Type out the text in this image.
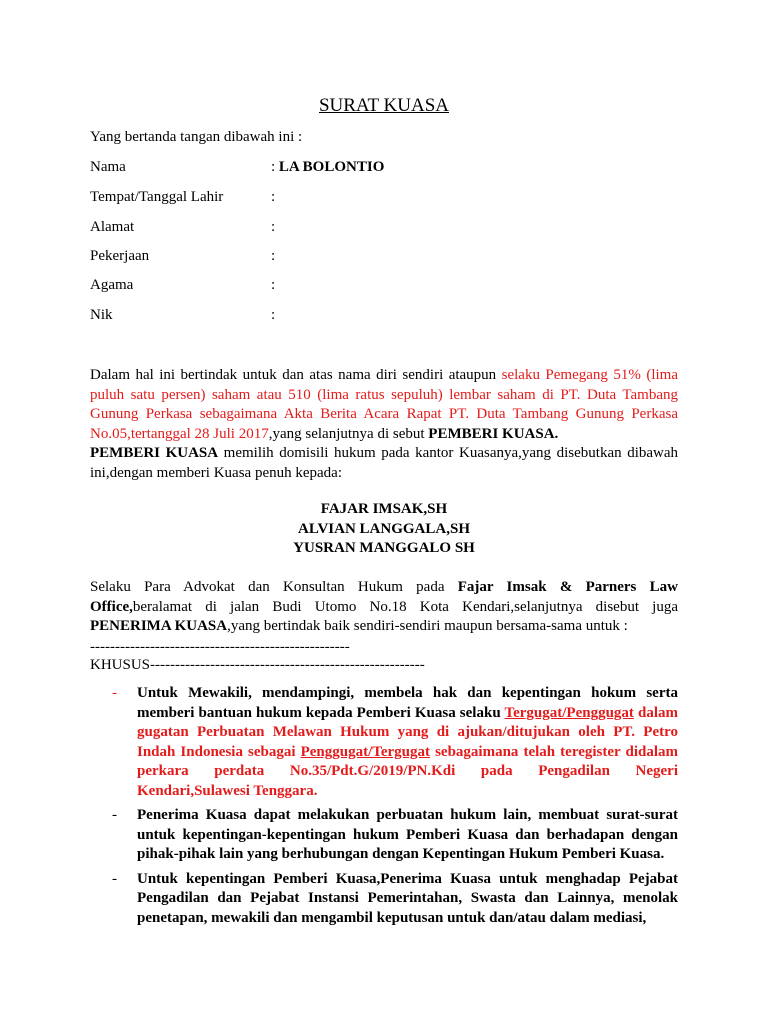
SURAT KUASA
Yang bertanda tangan dibawah ini :
Nama	: LA BOLONTIO
Tempat/Tanggal Lahir	:
Alamat	:
Pekerjaan	:
Agama	:
Nik	:
Dalam hal ini bertindak untuk dan atas nama diri sendiri ataupun selaku Pemegang 51% (lima puluh satu persen) saham atau 510 (lima ratus sepuluh) lembar saham di PT. Duta Tambang Gunung Perkasa sebagaimana Akta Berita Acara Rapat PT. Duta Tambang Gunung Perkasa No.05,tertanggal 28 Juli 2017,yang selanjutnya di sebut PEMBERI KUASA.
PEMBERI KUASA memilih domisili hukum pada kantor Kuasanya,yang disebutkan dibawah ini,dengan memberi Kuasa penuh kepada:
FAJAR IMSAK,SH
ALVIAN LANGGALA,SH
YUSRAN MANGGALO SH
Selaku Para Advokat dan Konsultan Hukum pada Fajar Imsak & Parners Law Office,beralamat di jalan Budi Utomo No.18 Kota Kendari,selanjutnya disebut juga PENERIMA KUASA,yang bertindak baik sendiri-sendiri maupun bersama-sama untuk :
----------------------------------------------------
KHUSUS-------------------------------------------------------
- Untuk Mewakili, mendampingi, membela hak dan kepentingan hokum serta memberi bantuan hukum kepada Pemberi Kuasa selaku Tergugat/Penggugat dalam gugatan Perbuatan Melawan Hukum yang di ajukan/ditujukan oleh PT. Petro Indah Indonesia sebagai Penggugat/Tergugat sebagaimana telah teregister didalam perkara perdata No.35/Pdt.G/2019/PN.Kdi pada Pengadilan Negeri Kendari,Sulawesi Tenggara.
- Penerima Kuasa dapat melakukan perbuatan hukum lain, membuat surat-surat untuk kepentingan-kepentingan hukum Pemberi Kuasa dan berhadapan dengan pihak-pihak lain yang berhubungan dengan Kepentingan Hukum Pemberi Kuasa.
- Untuk kepentingan Pemberi Kuasa,Penerima Kuasa untuk menghadap Pejabat Pengadilan dan Pejabat Instansi Pemerintahan, Swasta dan Lainnya, menolak penetapan, mewakili dan mengambil keputusan untuk dan/atau dalam mediasi,
